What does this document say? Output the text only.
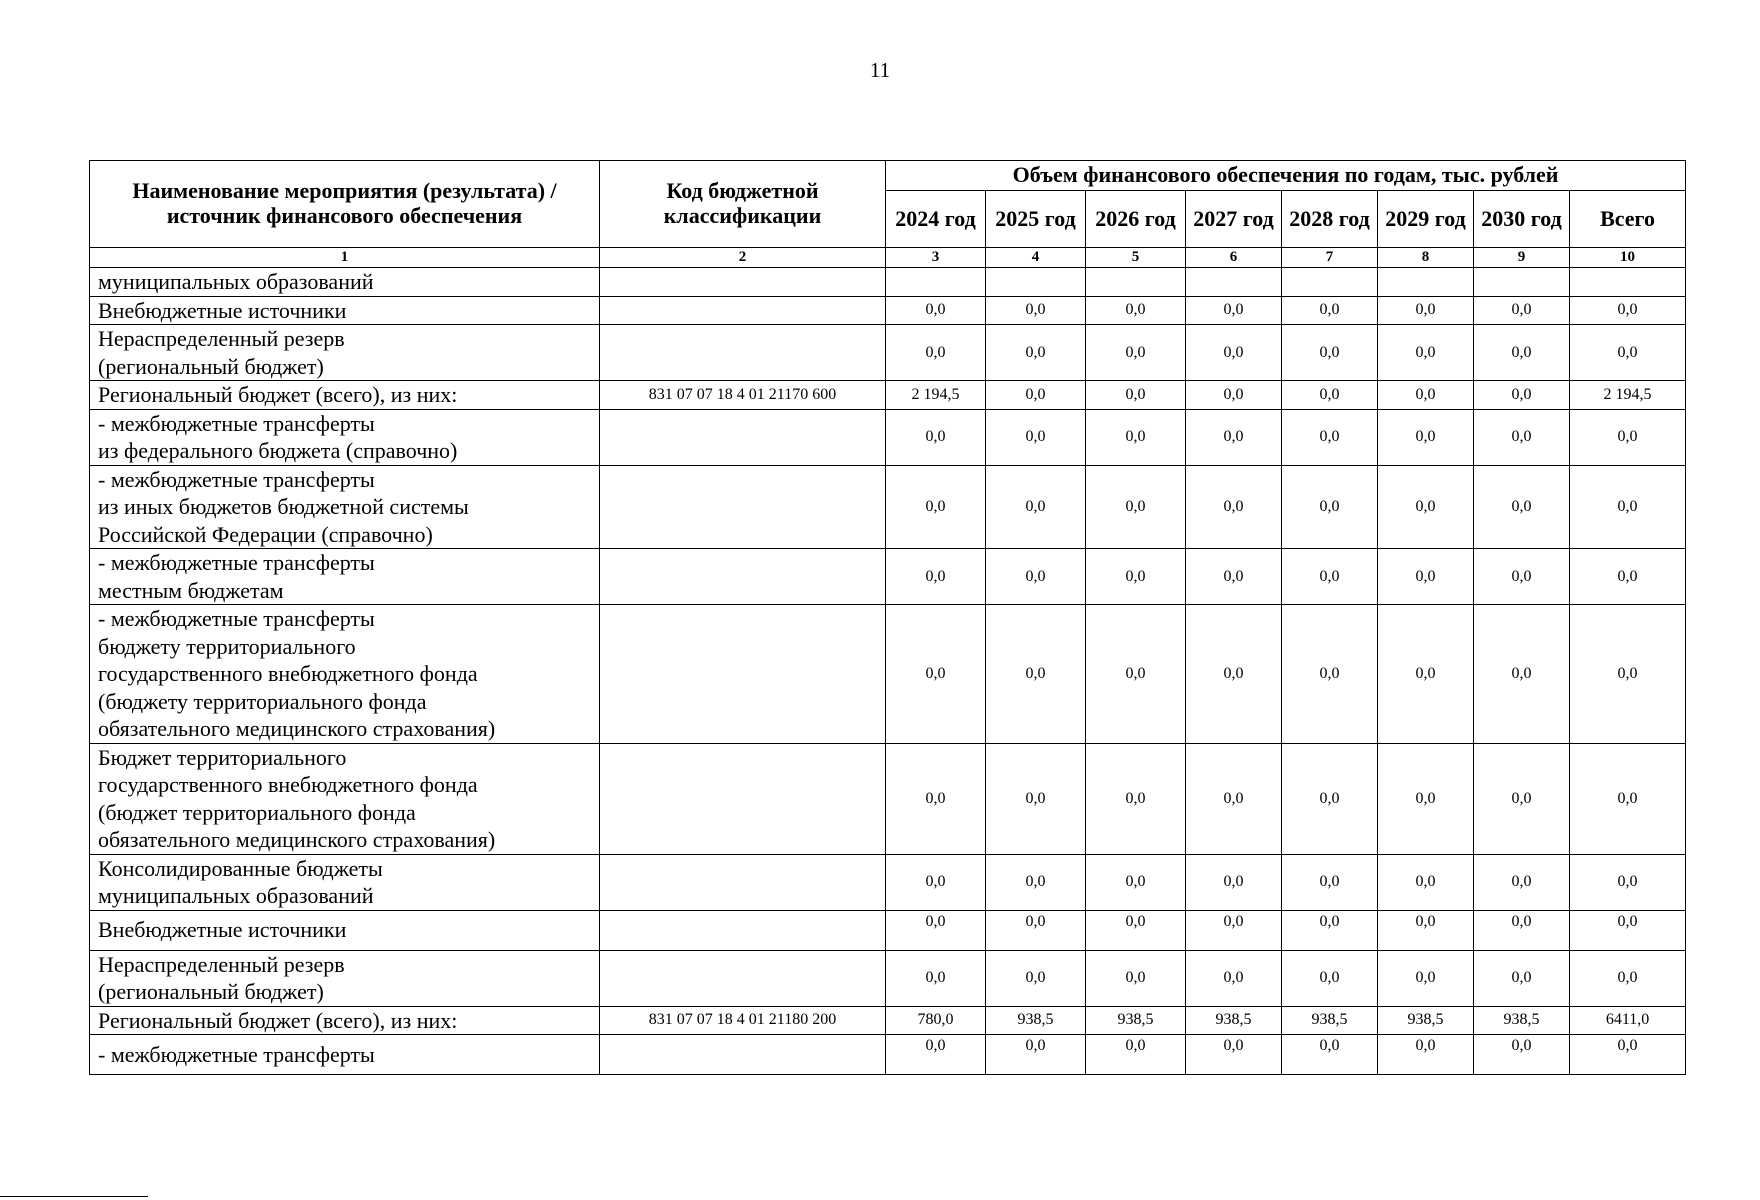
11
Наименование мероприятия (результата) / источник финансового обеспечения	Код бюджетной классификации	Объем финансового обеспечения по годам, тыс. рублей							
		2024 год	2025 год	2026 год	2027 год	2028 год	2029 год	2030 год	Всего
1	2	3	4	5	6	7	8	9	10
муниципальных образований									
Внебюджетные источники		0,0	0,0	0,0	0,0	0,0	0,0	0,0	0,0
Нераспределенный резерв
(региональный бюджет)		0,0	0,0	0,0	0,0	0,0	0,0	0,0	0,0
Региональный бюджет (всего), из них:	831 07 07 18 4 01 21170 600	2 194,5	0,0	0,0	0,0	0,0	0,0	0,0	2 194,5
- межбюджетные трансферты
из федерального бюджета (справочно)		0,0	0,0	0,0	0,0	0,0	0,0	0,0	0,0
- межбюджетные трансферты
из иных бюджетов бюджетной системы
Российской Федерации (справочно)		0,0	0,0	0,0	0,0	0,0	0,0	0,0	0,0
- межбюджетные трансферты
местным бюджетам		0,0	0,0	0,0	0,0	0,0	0,0	0,0	0,0
- межбюджетные трансферты
бюджету территориального
государственного внебюджетного фонда
(бюджету территориального фонда
обязательного медицинского страхования)		0,0	0,0	0,0	0,0	0,0	0,0	0,0	0,0
Бюджет территориального
государственного внебюджетного фонда
(бюджет территориального фонда
обязательного медицинского страхования)		0,0	0,0	0,0	0,0	0,0	0,0	0,0	0,0
Консолидированные бюджеты
муниципальных образований		0,0	0,0	0,0	0,0	0,0	0,0	0,0	0,0
Внебюджетные источники		0,0	0,0	0,0	0,0	0,0	0,0	0,0	0,0
Нераспределенный резерв
(региональный бюджет)		0,0	0,0	0,0	0,0	0,0	0,0	0,0	0,0
Региональный бюджет (всего), из них:	831 07 07 18 4 01 21180 200	780,0	938,5	938,5	938,5	938,5	938,5	938,5	6411,0
- межбюджетные трансферты		0,0	0,0	0,0	0,0	0,0	0,0	0,0	0,0
